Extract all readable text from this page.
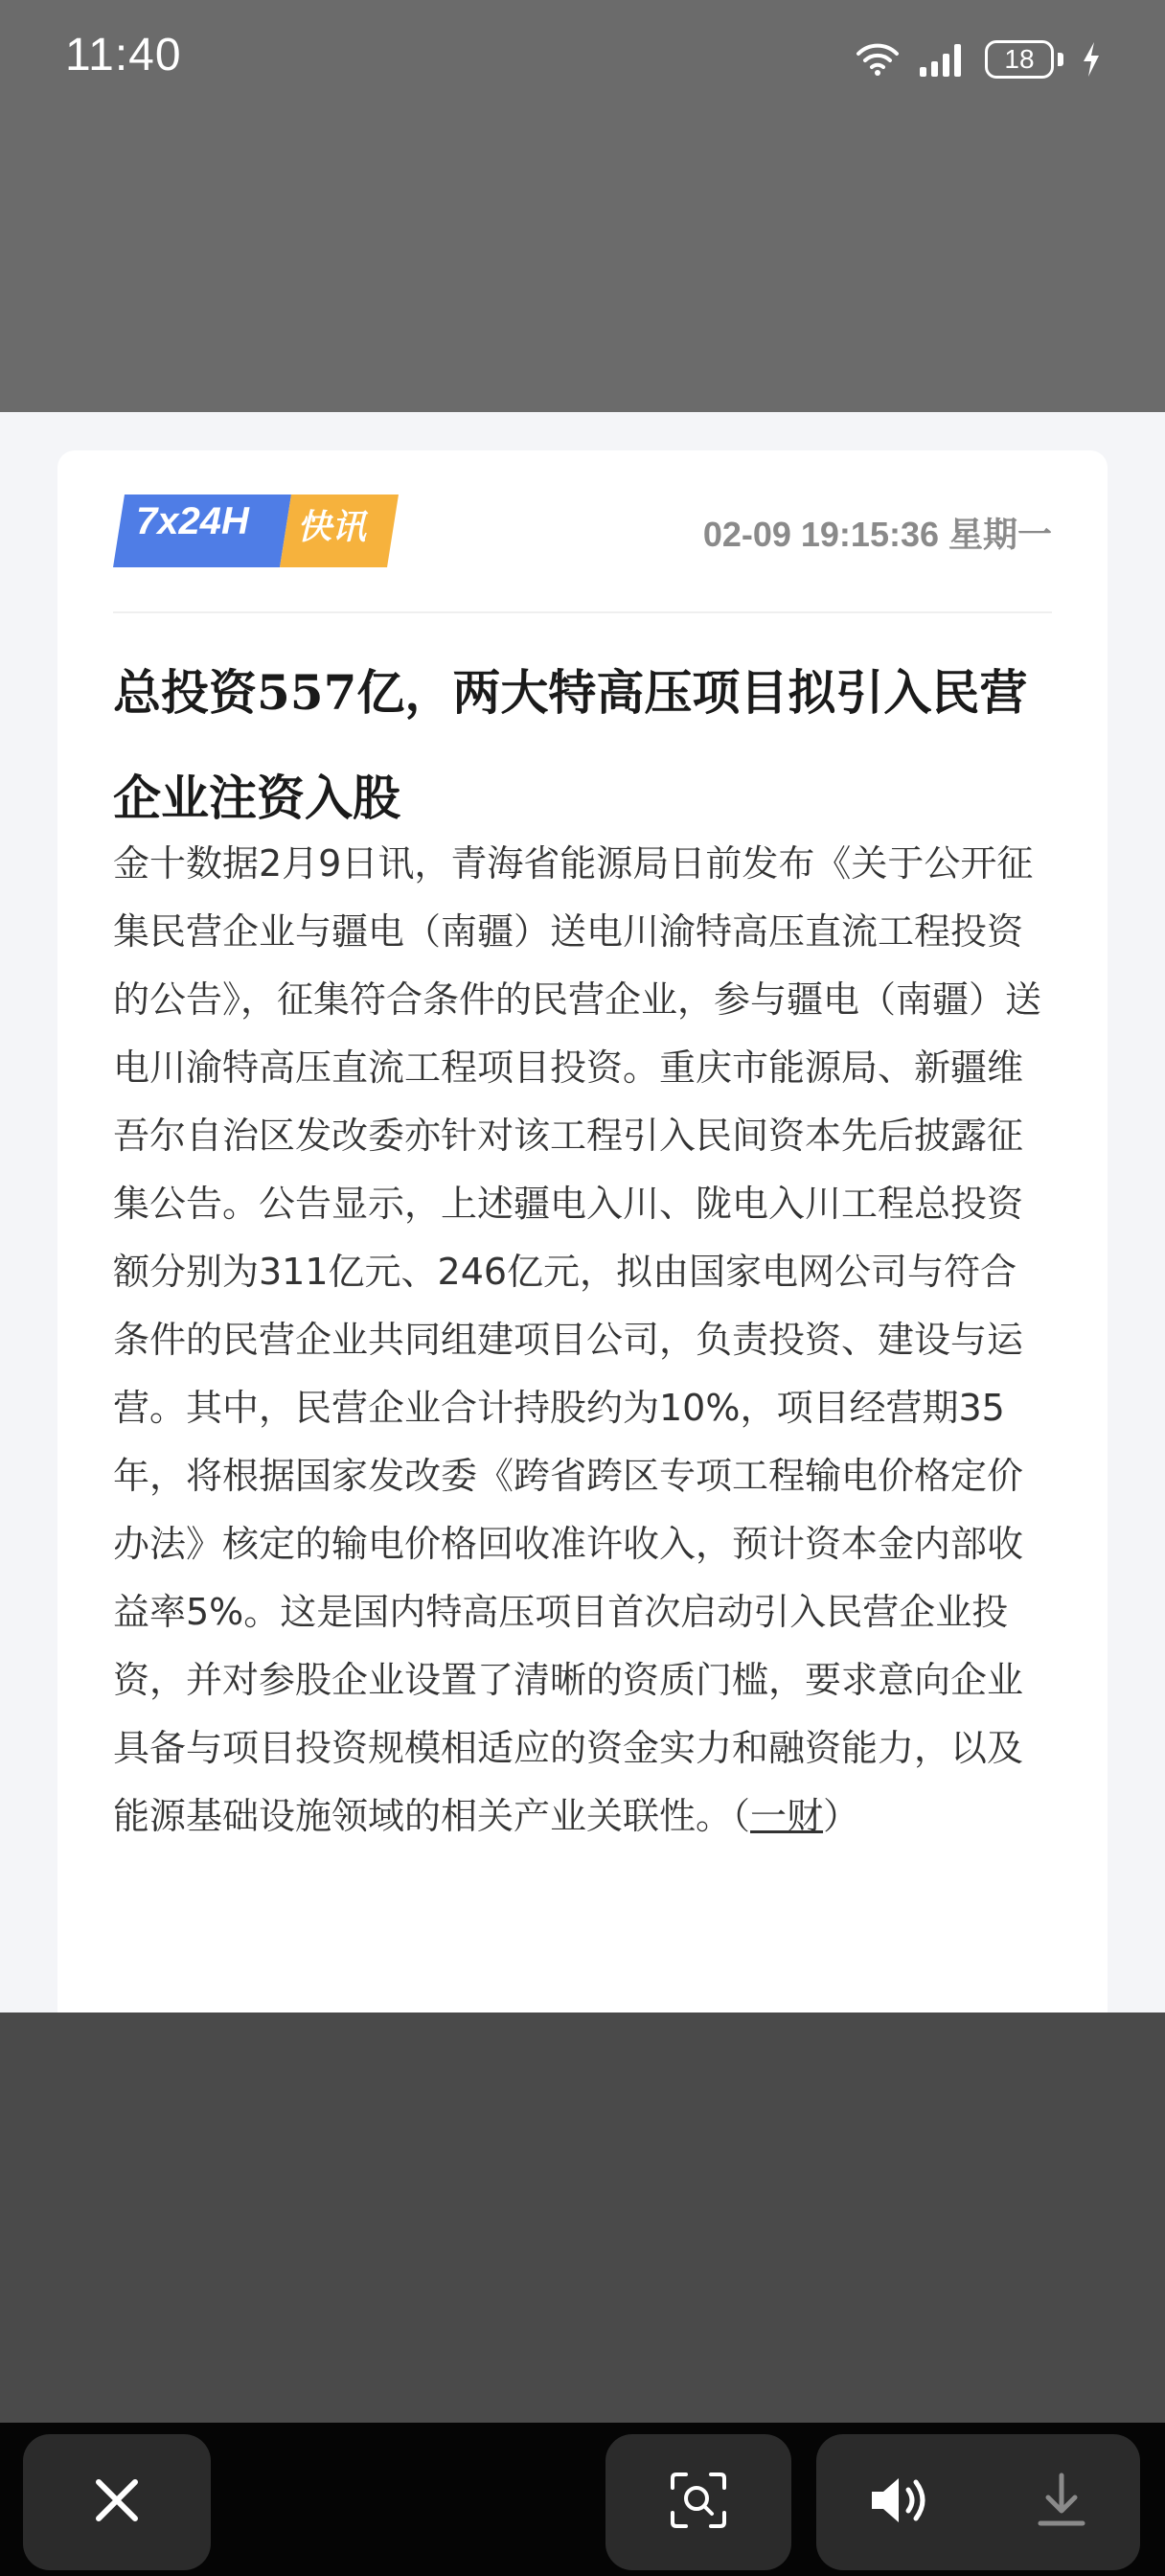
11:40	18
7x24H 快讯	02-09 19:15:36 星期一

总投资557亿，两大特高压项目拟引入民营企业注资入股

金十数据2月9日讯，青海省能源局日前发布《关于公开征集民营企业与疆电（南疆）送电川渝特高压直流工程投资的公告》，征集符合条件的民营企业，参与疆电（南疆）送电川渝特高压直流工程项目投资。重庆市能源局、新疆维吾尔自治区发改委亦针对该工程引入民间资本先后披露征集公告。公告显示，上述疆电入川、陇电入川工程总投资额分别为311亿元、246亿元，拟由国家电网公司与符合条件的民营企业共同组建项目公司，负责投资、建设与运营。其中，民营企业合计持股约为10%，项目经营期35年，将根据国家发改委《跨省跨区专项工程输电价格定价办法》核定的输电价格回收准许收入，预计资本金内部收益率5%。这是国内特高压项目首次启动引入民营企业投资，并对参股企业设置了清晰的资质门槛，要求意向企业具备与项目投资规模相适应的资金实力和融资能力，以及能源基础设施领域的相关产业关联性。（一财）
